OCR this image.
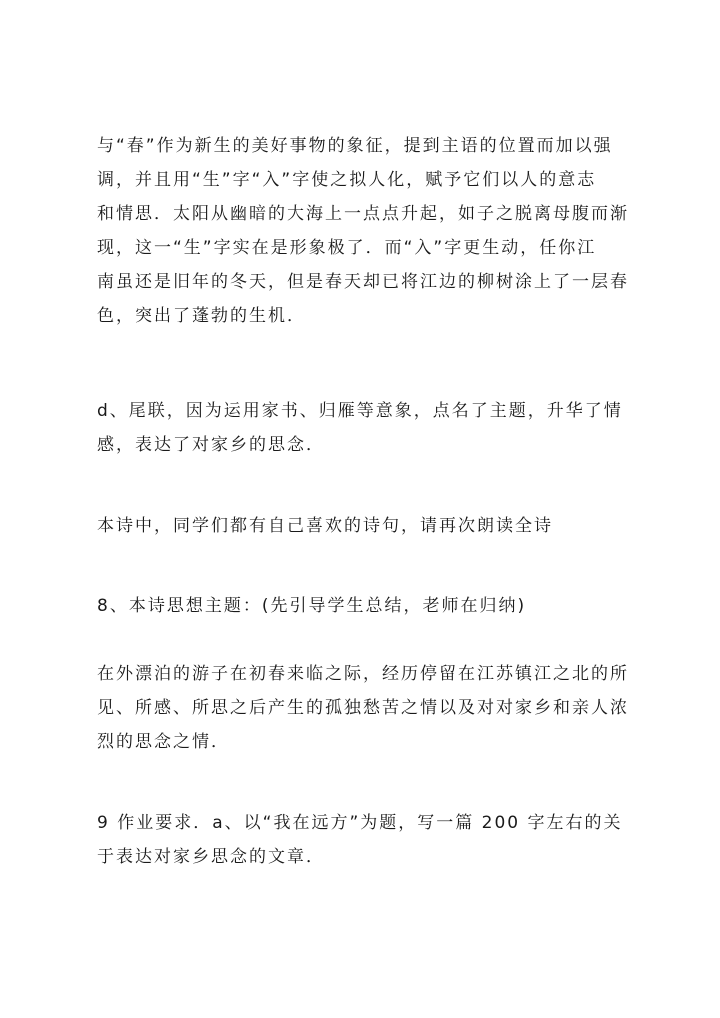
与“春”作为新生的美好事物的象征，提到主语的位置而加以强
调，并且用“生”字“入”字使之拟人化，赋予它们以人的意志
和情思．太阳从幽暗的大海上一点点升起，如子之脱离母腹而渐
现，这一“生”字实在是形象极了．而“入”字更生动，任你江
南虽还是旧年的冬天，但是春天却已将江边的柳树涂上了一层春
色，突出了蓬勃的生机．
d、尾联，因为运用家书、归雁等意象，点名了主题，升华了情
感，表达了对家乡的思念．
本诗中，同学们都有自己喜欢的诗句，请再次朗读全诗
8、本诗思想主题：(先引导学生总结，老师在归纳)
在外漂泊的游子在初春来临之际，经历停留在江苏镇江之北的所
见、所感、所思之后产生的孤独愁苦之情以及对对家乡和亲人浓
烈的思念之情．
9 作业要求．a、以“我在远方”为题，写一篇 200 字左右的关
于表达对家乡思念的文章．
